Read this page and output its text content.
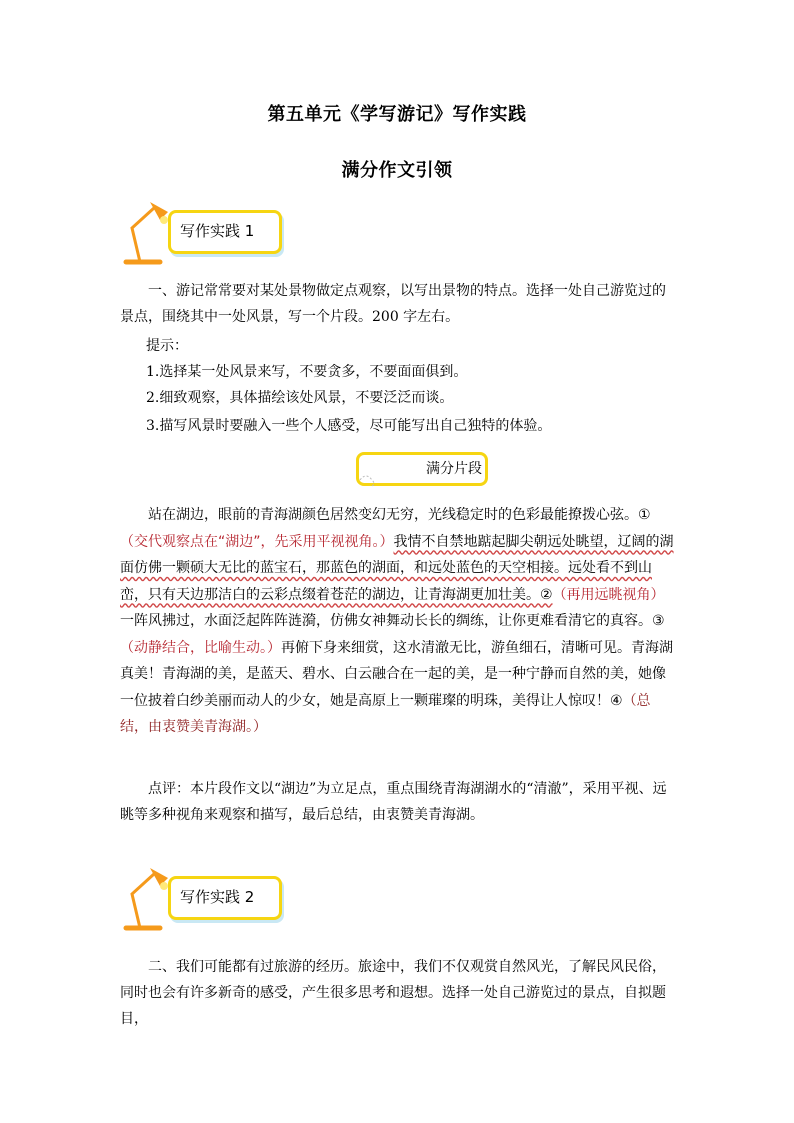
第五单元《学写游记》写作实践
满分作文引领
写作实践 1
一、游记常常要对某处景物做定点观察，以写出景物的特点。选择一处自己游览过的景点，围绕其中一处风景，写一个片段。200 字左右。
提示：
1.选择某一处风景来写，不要贪多，不要面面俱到。
2.细致观察，具体描绘该处风景，不要泛泛而谈。
3.描写风景时要融入一些个人感受，尽可能写出自己独特的体验。
满分片段
站在湖边，眼前的青海湖颜色居然变幻无穷，光线稳定时的色彩最能撩拨心弦。①（交代观察点在“湖边”，先采用平视视角。）我情不自禁地踮起脚尖朝远处眺望，辽阔的湖面仿佛一颗硕大无比的蓝宝石，那蓝色的湖面，和远处蓝色的天空相接。远处看不到山峦，只有天边那洁白的云彩点缀着苍茫的湖边，让青海湖更加壮美。②（再用远眺视角）一阵风拂过，水面泛起阵阵涟漪，仿佛女神舞动长长的绸练，让你更难看清它的真容。③（动静结合，比喻生动。）再俯下身来细赏，这水清澈无比，游鱼细石，清晰可见。青海湖真美！青海湖的美，是蓝天、碧水、白云融合在一起的美，是一种宁静而自然的美，她像一位披着白纱美丽而动人的少女，她是高原上一颗璀璨的明珠，美得让人惊叹！④（总结，由衷赞美青海湖。）
点评：本片段作文以“湖边”为立足点，重点围绕青海湖湖水的“清澈”，采用平视、远眺等多种视角来观察和描写，最后总结，由衷赞美青海湖。
写作实践 2
二、我们可能都有过旅游的经历。旅途中，我们不仅观赏自然风光，了解民风民俗，同时也会有许多新奇的感受，产生很多思考和遐想。选择一处自己游览过的景点，自拟题目，
